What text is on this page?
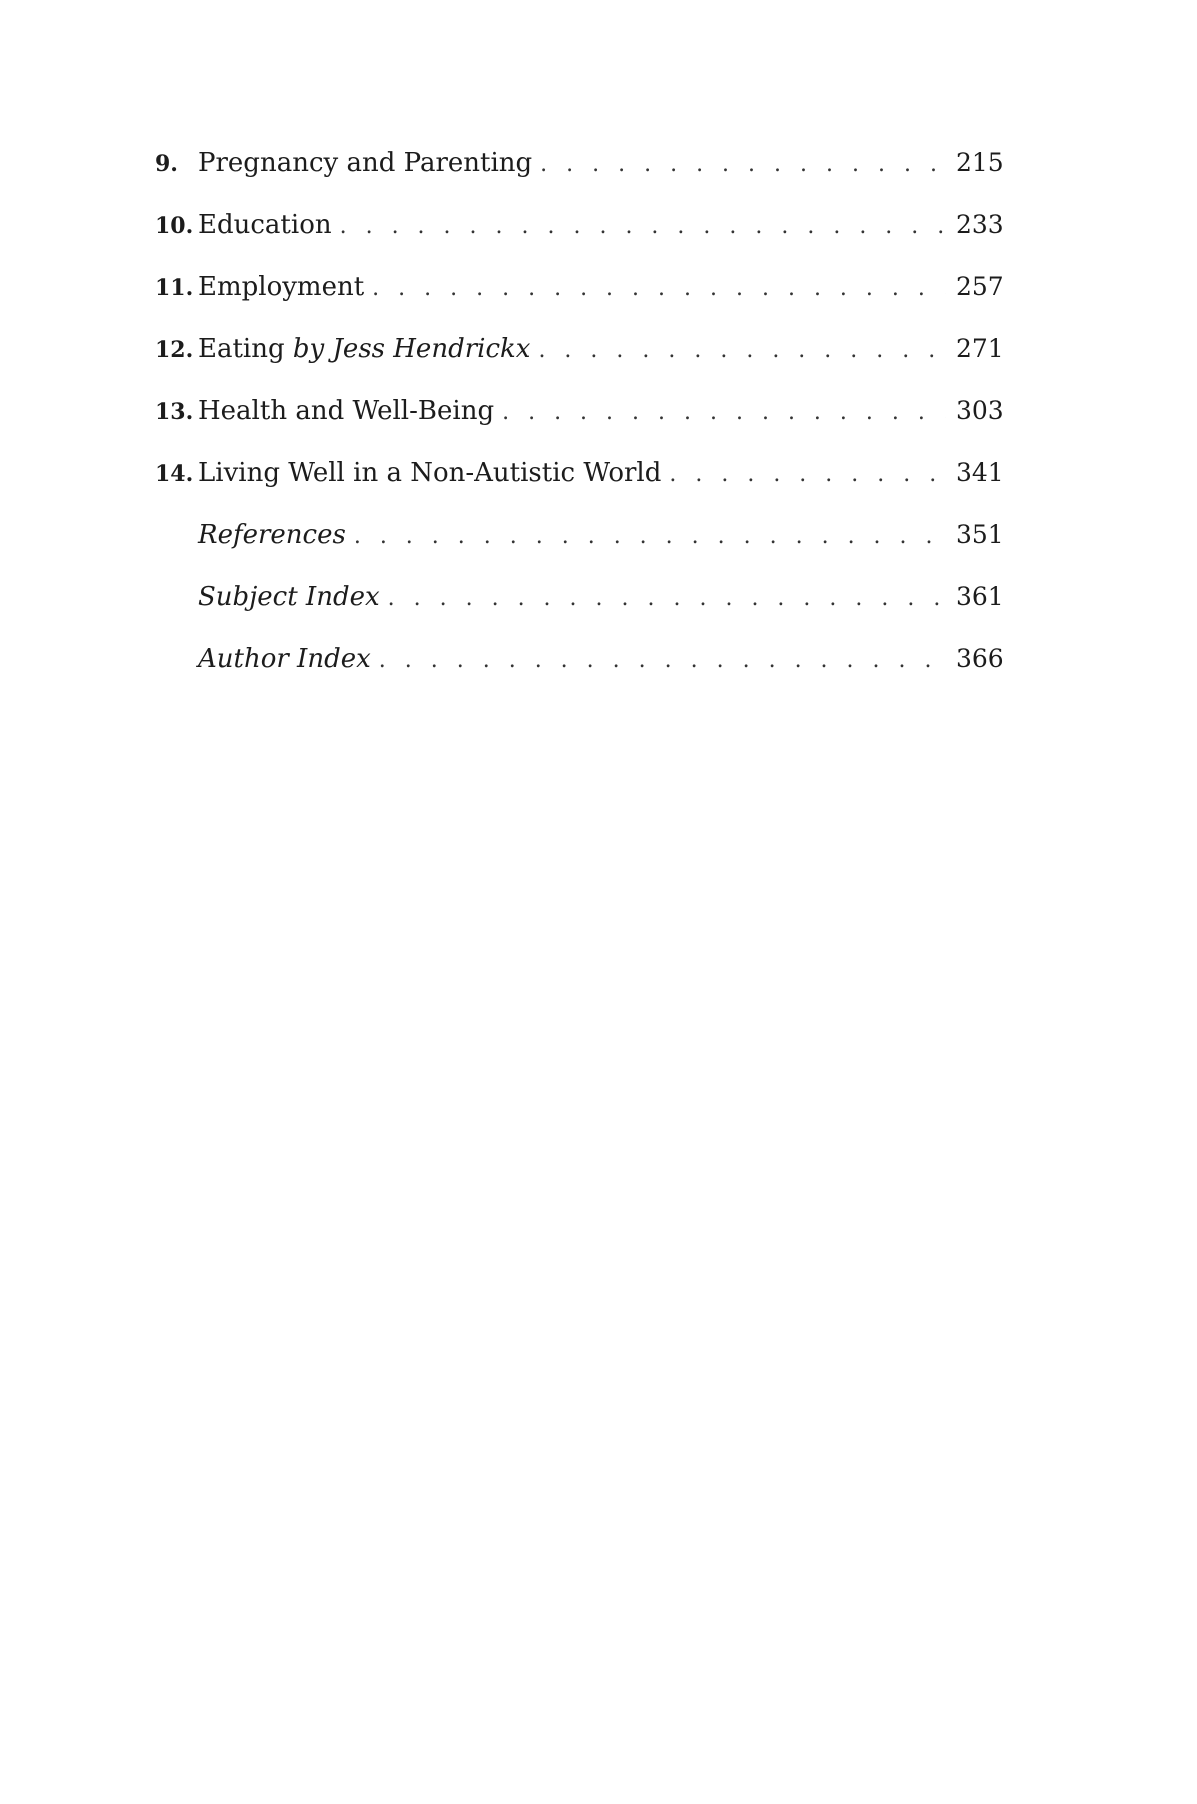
9. Pregnancy and Parenting . . .	215
10. Education . . .	233
11. Employment . . .	257
12. Eating by Jess Hendrickx . . .	271
13. Health and Well-Being . . .	303
14. Living Well in a Non-Autistic World . . .	341
References . . .	351
Subject Index . . .	361
Author Index . . .	366
